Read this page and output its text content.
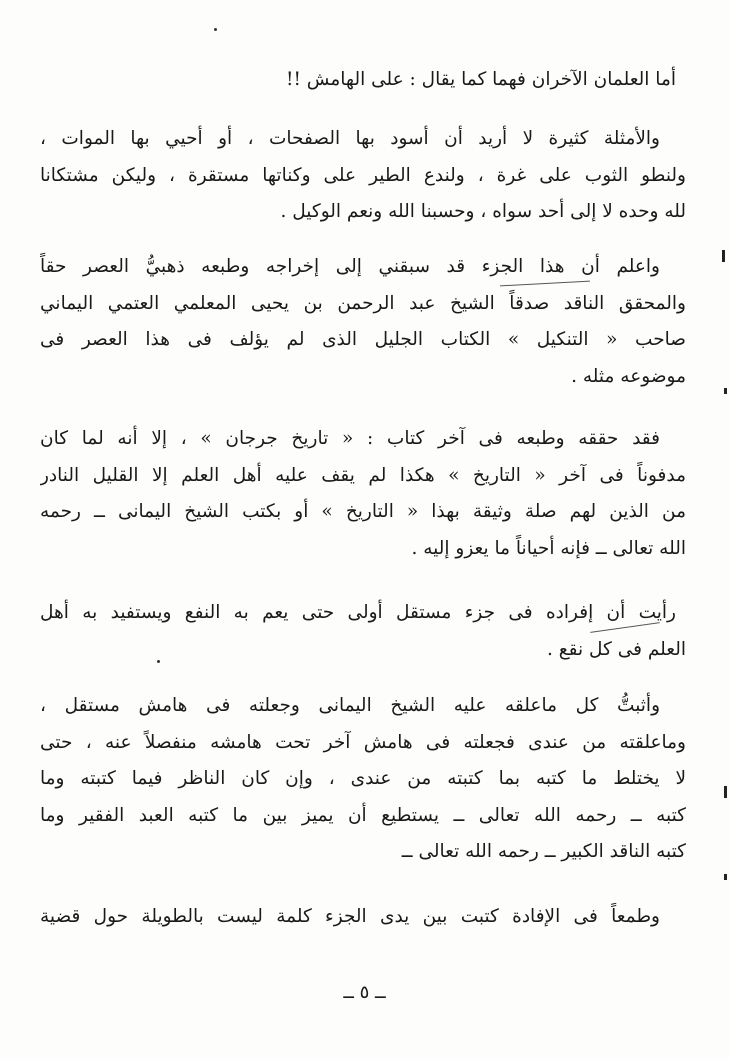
أما العلمان الآخران فهما كما يقال : على الهامش !!
والأمثلة كثيرة لا أريد أن أسود بها الصفحات ، أو أحيي بها الموات ،
ولنطو الثوب على غرة ، ولندع الطير على وكناتها مستقرة ، وليكن مشتكانا
لله وحده لا إلى أحد سواه ، وحسبنا الله ونعم الوكيل .
واعلم أن هذا الجزء قد سبقني إلى إخراجه وطبعه ذهبيُّ العصر حقاً
والمحقق الناقد صدقاً الشيخ عبد الرحمن بن يحيى المعلمي العتمي اليماني
صاحب « التنكيل » الكتاب الجليل الذى لم يؤلف فى هذا العصر فى
موضوعه مثله .
فقد حققه وطبعه فى آخر كتاب : « تاريخ جرجان » ، إلا أنه لما كان
مدفوناً فى آخر « التاريخ » هكذا لم يقف عليه أهل العلم إلا القليل النادر
من الذين لهم صلة وثيقة بهذا « التاريخ » أو بكتب الشيخ اليمانى ــ رحمه
الله تعالى ــ فإنه أحياناً ما يعزو إليه .
رأيت أن إفراده فى جزء مستقل أولى حتى يعم به النفع ويستفيد به أهل
العلم فى كل نقع .
وأثبتُّ كل ماعلقه عليه الشيخ اليمانى وجعلته فى هامش مستقل ،
وماعلقته من عندى فجعلته فى هامش آخر تحت هامشه منفصلاً عنه ، حتى
لا يختلط ما كتبه بما كتبته من عندى ، وإن كان الناظر فيما كتبته وما
كتبه ــ رحمه الله تعالى ــ يستطيع أن يميز بين ما كتبه العبد الفقير وما
كتبه الناقد الكبير ــ رحمه الله تعالى ــ
وطمعاً فى الإفادة كتبت بين يدى الجزء كلمة ليست بالطويلة حول قضية
ــ ٥ ــ
